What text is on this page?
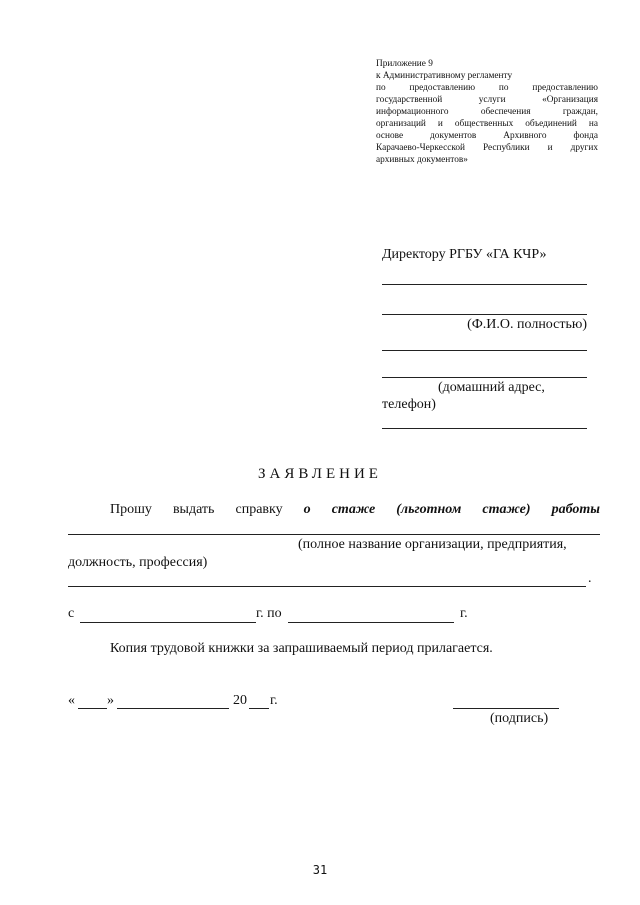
Приложение 9
к Административному регламенту
по предоставлению по предоставлению
государственной услуги «Организация
информационного обеспечения граждан,
организаций и общественных объединений на
основе документов Архивного фонда
Карачаево-Черкесской Республики и других
архивных документов»
Директору РГБУ «ГА КЧР»
(Ф.И.О. полностью)
(домашний адрес,
телефон)
ЗАЯВЛЕНИЕ
Прошу выдать справку о стаже (льготном стаже) работы
(полное название организации, предприятия,
должность, профессия)
.
с	г. по	г.
Копия трудовой книжки за запрашиваемый период прилагается.
« »	20 г.
(подпись)
31
